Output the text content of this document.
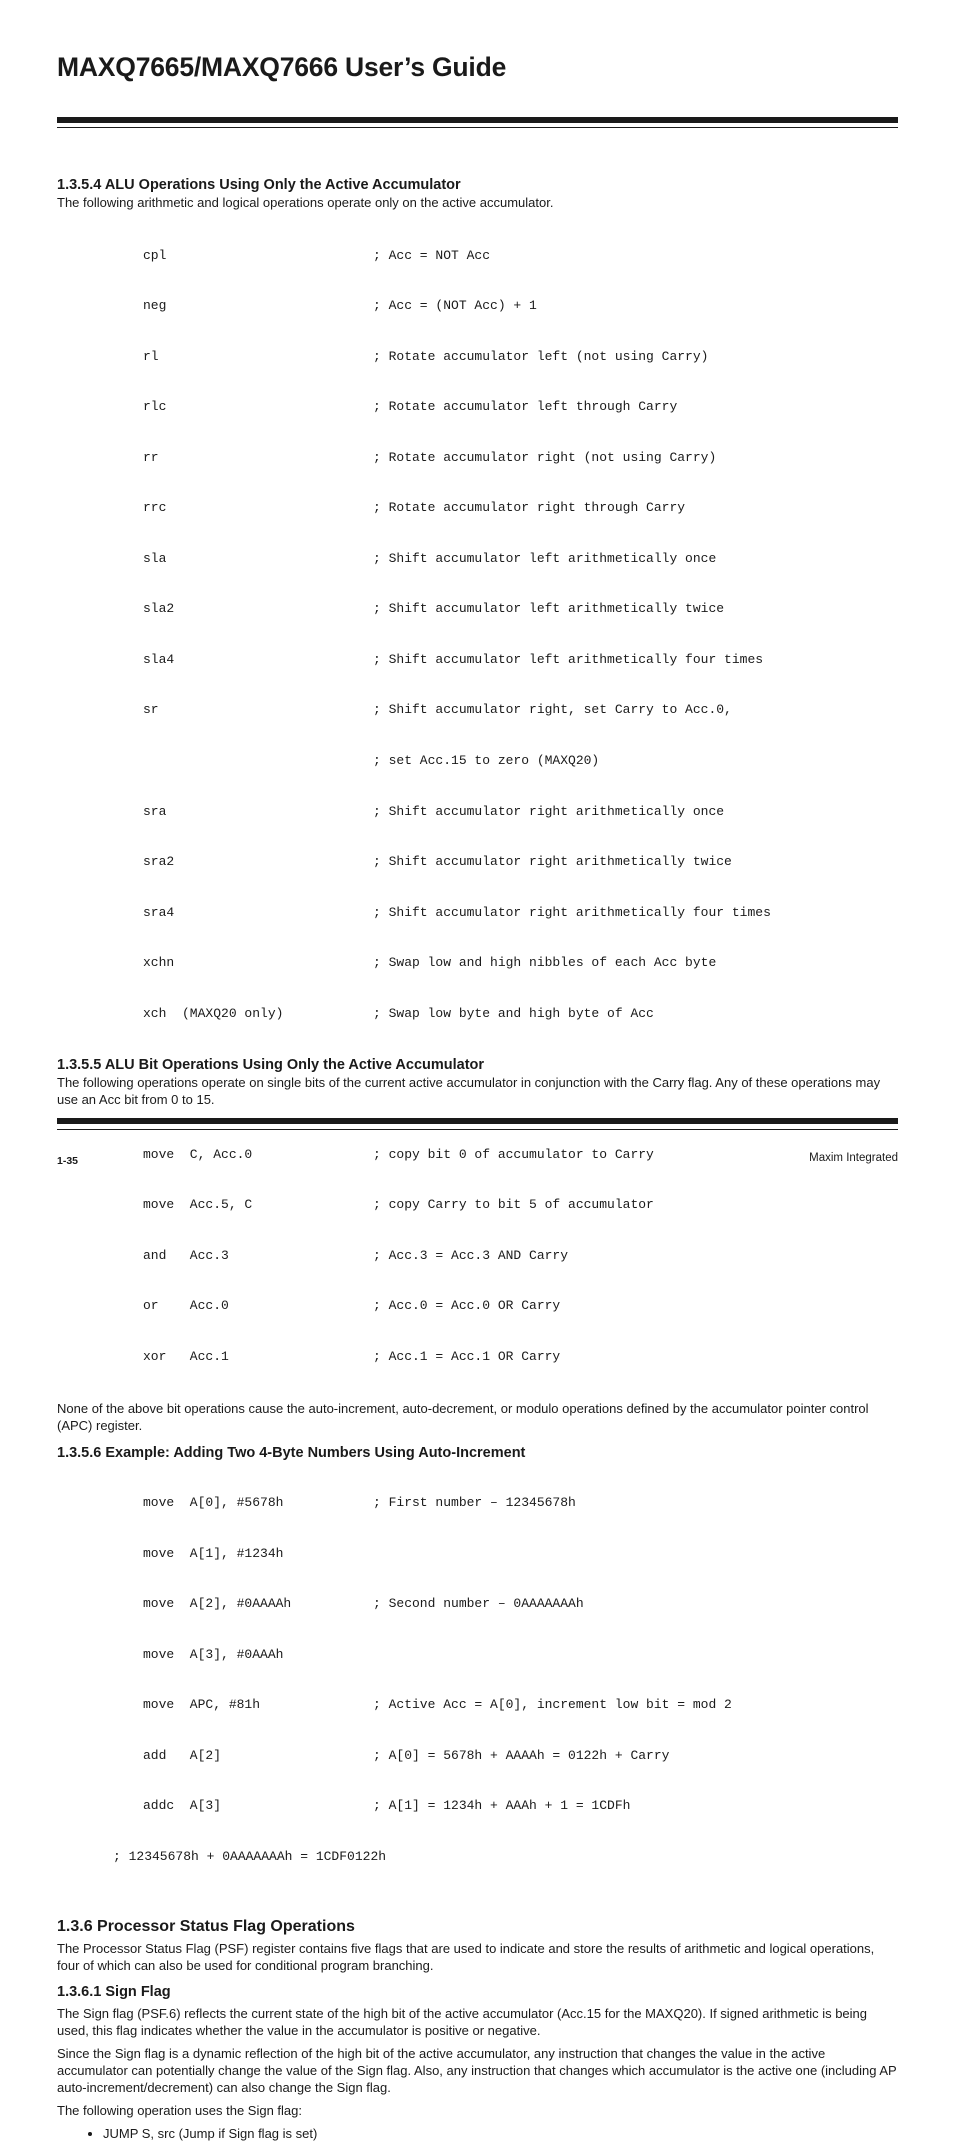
MAXQ7665/MAXQ7666 User’s Guide
1.3.5.4 ALU Operations Using Only the Active Accumulator

The following arithmetic and logical operations operate only on the active accumulator.

cpl	; Acc = NOT Acc

neg	; Acc = (NOT Acc) + 1

rl	; Rotate accumulator left (not using Carry)

rlc	; Rotate accumulator left through Carry

rr	; Rotate accumulator right (not using Carry)

rrc	; Rotate accumulator right through Carry

sla	; Shift accumulator left arithmetically once

sla2	; Shift accumulator left arithmetically twice

sla4	; Shift accumulator left arithmetically four times

sr	; Shift accumulator right, set Carry to Acc.0,

; set Acc.15 to zero (MAXQ20)

sra	; Shift accumulator right arithmetically once

sra2	; Shift accumulator right arithmetically twice

sra4	; Shift accumulator right arithmetically four times

xchn	; Swap low and high nibbles of each Acc byte

xch  (MAXQ20 only)	; Swap low byte and high byte of Acc

1.3.5.5 ALU Bit Operations Using Only the Active Accumulator

The following operations operate on single bits of the current active accumulator in conjunction with the Carry flag. Any of these operations may use an Acc bit from 0 to 15.

move  C, Acc.0	; copy bit 0 of accumulator to Carry

move  Acc.5, C	; copy Carry to bit 5 of accumulator

and   Acc.3	; Acc.3 = Acc.3 AND Carry

or    Acc.0	; Acc.0 = Acc.0 OR Carry

xor   Acc.1	; Acc.1 = Acc.1 OR Carry

None of the above bit operations cause the auto-increment, auto-decrement, or modulo operations defined by the accumulator pointer control (APC) register.

1.3.5.6 Example: Adding Two 4-Byte Numbers Using Auto-Increment

move  A[0], #5678h	; First number – 12345678h

move  A[1], #1234h

move  A[2], #0AAAAh	; Second number – 0AAAAAAAh

move  A[3], #0AAAh

move  APC, #81h	; Active Acc = A[0], increment low bit = mod 2

add   A[2]	; A[0] = 5678h + AAAAh = 0122h + Carry

addc  A[3]	; A[1] = 1234h + AAAh + 1 = 1CDFh

; 12345678h + 0AAAAAAAh = 1CDF0122h

1.3.6 Processor Status Flag Operations

The Processor Status Flag (PSF) register contains five flags that are used to indicate and store the results of arithmetic and logical operations, four of which can also be used for conditional program branching.

1.3.6.1 Sign Flag

The Sign flag (PSF.6) reflects the current state of the high bit of the active accumulator (Acc.15 for the MAXQ20). If signed arithmetic is being used, this flag indicates whether the value in the accumulator is positive or negative.

Since the Sign flag is a dynamic reflection of the high bit of the active accumulator, any instruction that changes the value in the active accumulator can potentially change the value of the Sign flag. Also, any instruction that changes which accumulator is the active one (including AP auto-increment/decrement) can also change the Sign flag.

The following operation uses the Sign flag:

• JUMP S, src (Jump if Sign flag is set)
1-35	Maxim Integrated
